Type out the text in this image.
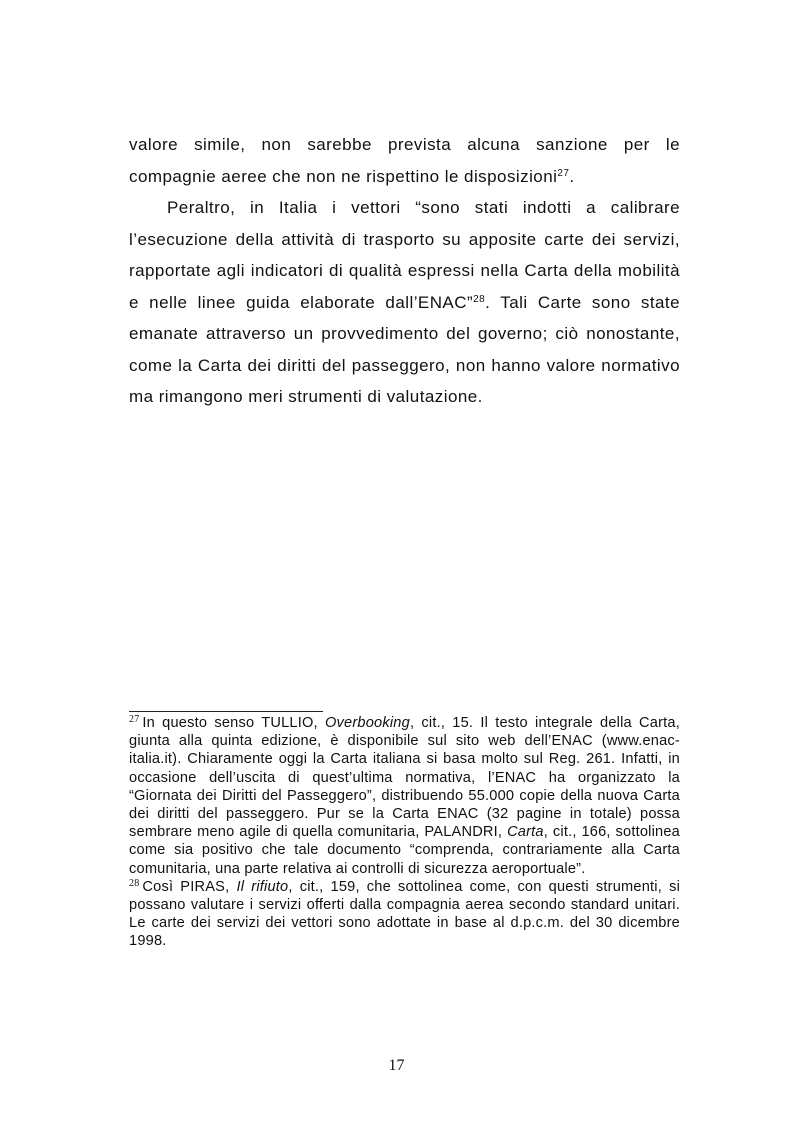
valore simile, non sarebbe prevista alcuna sanzione per le compagnie aeree che non ne rispettino le disposizioni$^{27}$.

Peraltro, in Italia i vettori “sono stati indotti a calibrare l’esecuzione della attività di trasporto su apposite carte dei servizi, rapportate agli indicatori di qualità espressi nella Carta della mobilità e nelle linee guida elaborate dall’ENAC”$^{28}$. Tali Carte sono state emanate attraverso un provvedimento del governo; ciò nonostante, come la Carta dei diritti del passeggero, non hanno valore normativo ma rimangono meri strumenti di valutazione.

$^{27}$ In questo senso TULLIO, Overbooking, cit., 15. Il testo integrale della Carta, giunta alla quinta edizione, è disponibile sul sito web dell’ENAC (www.enac-italia.it). Chiaramente oggi la Carta italiana si basa molto sul Reg. 261. Infatti, in occasione dell’uscita di quest’ultima normativa, l’ENAC ha organizzato la “Giornata dei Diritti del Passeggero”, distribuendo 55.000 copie della nuova Carta dei diritti del passeggero. Pur se la Carta ENAC (32 pagine in totale) possa sembrare meno agile di quella comunitaria, PALANDRI, Carta, cit., 166, sottolinea come sia positivo che tale documento “comprenda, contrariamente alla Carta comunitaria, una parte relativa ai controlli di sicurezza aeroportuale”.

$^{28}$ Così PIRAS, Il rifiuto, cit., 159, che sottolinea come, con questi strumenti, si possano valutare i servizi offerti dalla compagnia aerea secondo standard unitari. Le carte dei servizi dei vettori sono adottate in base al d.p.c.m. del 30 dicembre 1998.

17
